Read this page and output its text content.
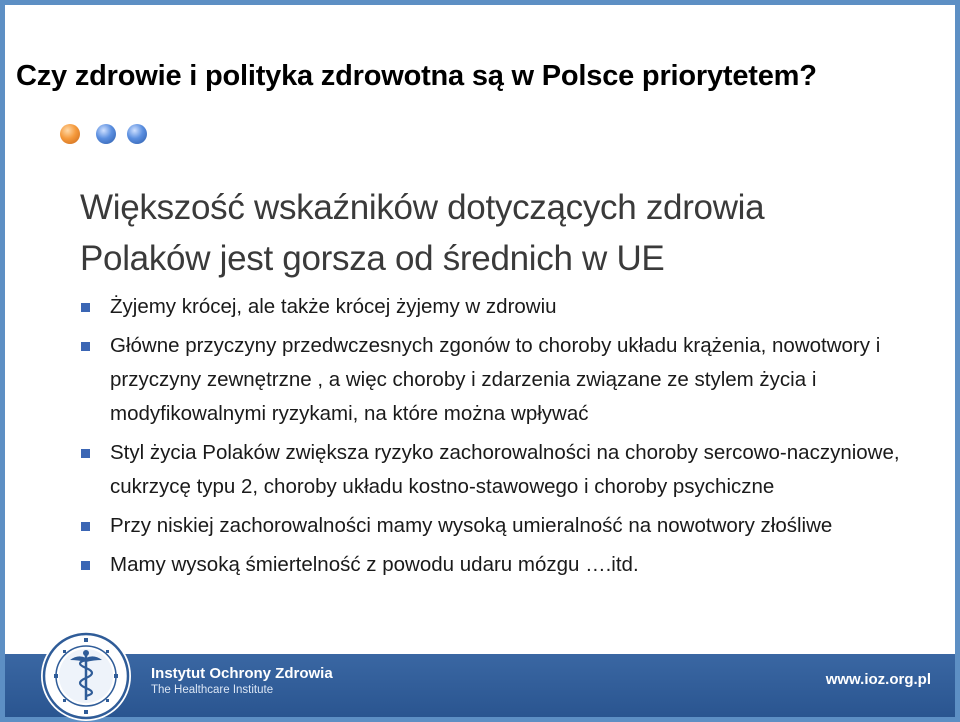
Czy zdrowie i polityka zdrowotna są w Polsce priorytetem?
Większość wskaźników dotyczących zdrowia
Polaków jest gorsza od średnich w UE
Żyjemy krócej, ale także krócej żyjemy w zdrowiu
Główne przyczyny przedwczesnych zgonów to choroby układu krążenia, nowotwory i przyczyny zewnętrzne , a więc choroby i zdarzenia związane ze stylem życia i modyfikowalnymi ryzykami, na które można wpływać
Styl życia Polaków zwiększa ryzyko zachorowalności na choroby sercowo-naczyniowe, cukrzycę typu 2, choroby układu kostno-stawowego i choroby psychiczne
Przy niskiej zachorowalności mamy wysoką umieralność na nowotwory złośliwe
Mamy wysoką śmiertelność z powodu udaru mózgu ….itd.
Instytut Ochrony Zdrowia
The Healthcare Institute
www.ioz.org.pl
